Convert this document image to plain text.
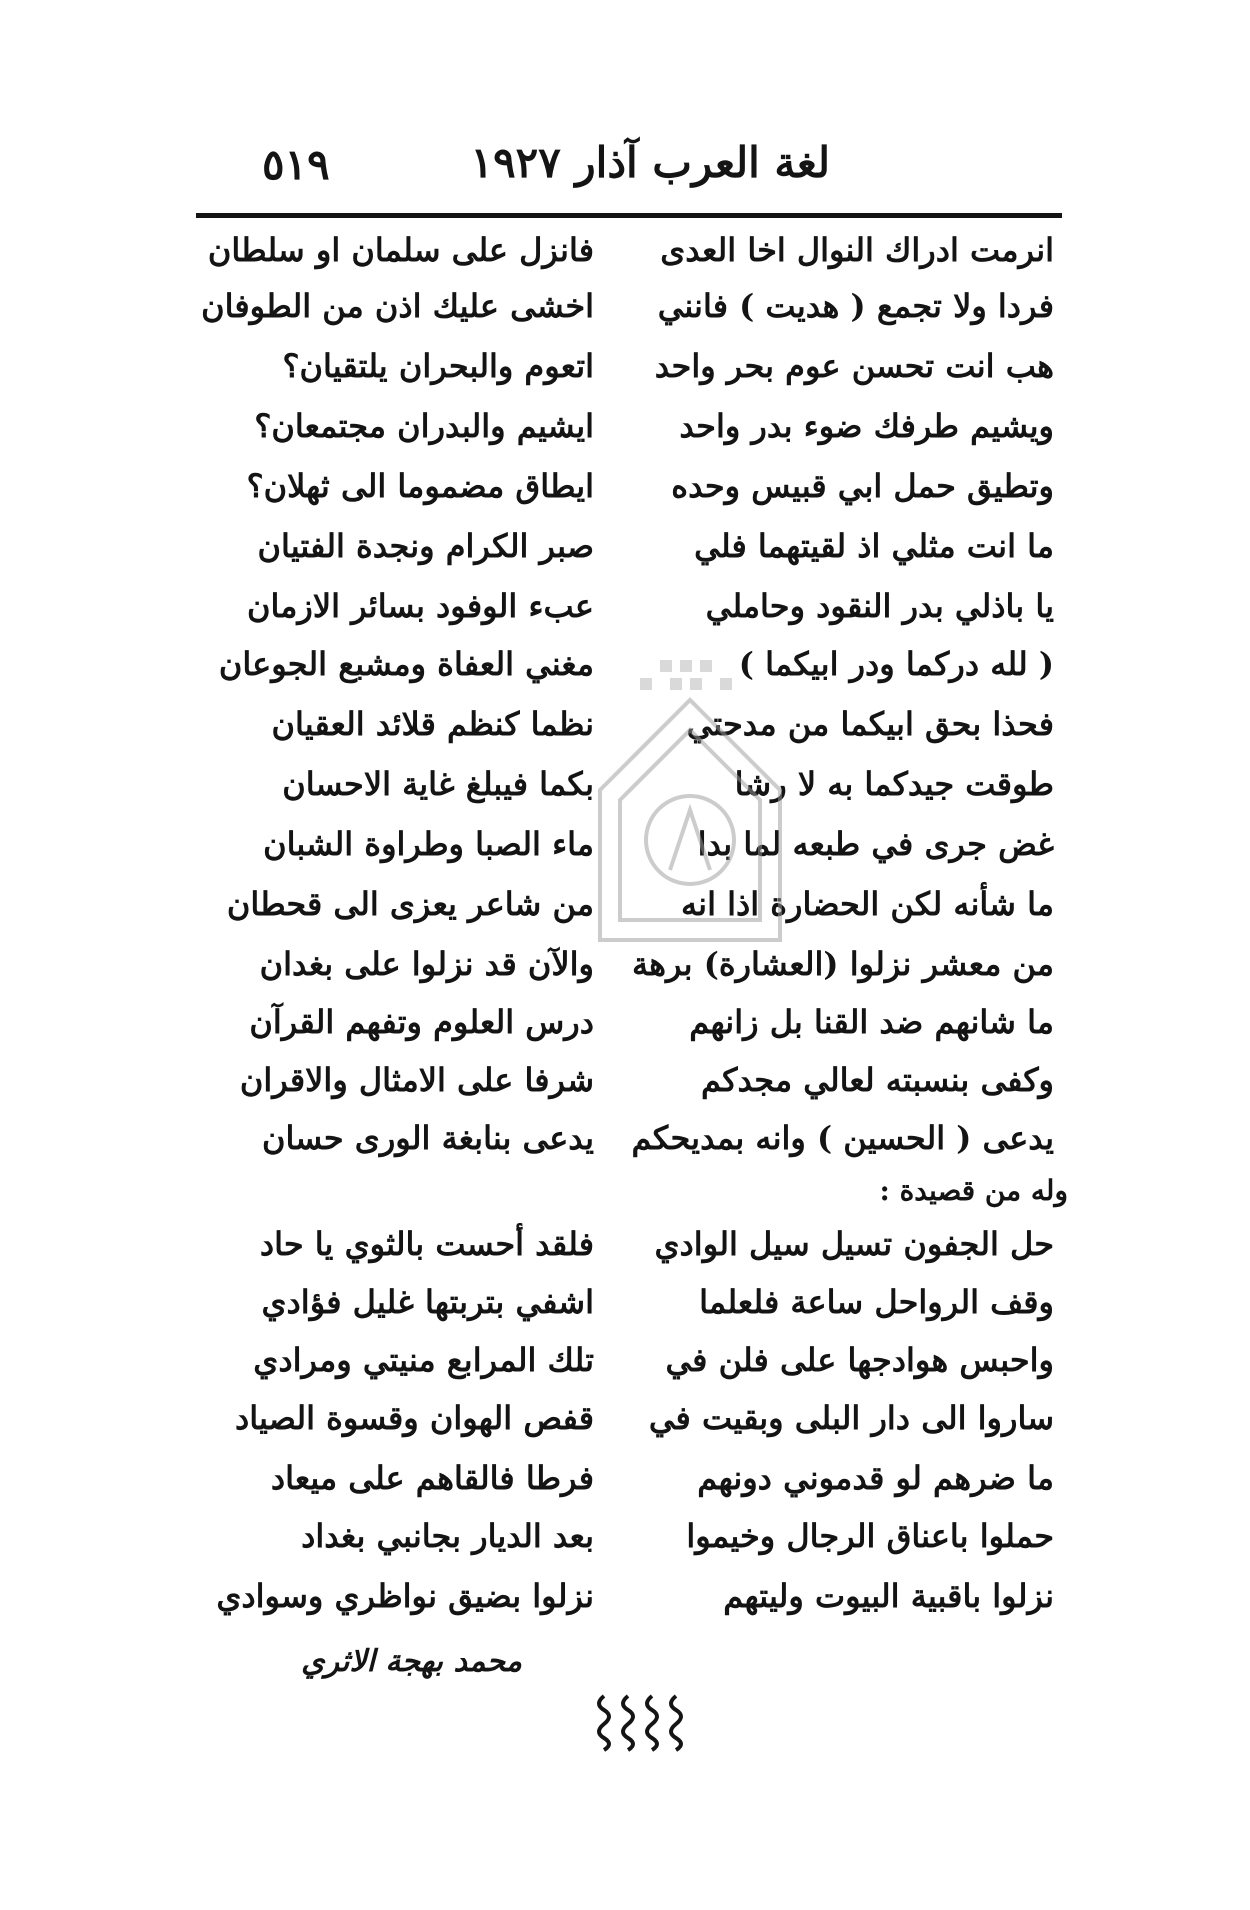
لغة العرب آذار ١٩٢٧
٥١٩
انرمت ادراك النوال اخا العدى
فانزل على سلمان او سلطان
فردا ولا تجمع ( هديت ) فانني
اخشى عليك اذن من الطوفان
هب انت تحسن عوم بحر واحد
اتعوم والبحران يلتقيان؟
ويشيم طرفك ضوء بدر واحد
ايشيم والبدران مجتمعان؟
وتطيق حمل ابي قبيس وحده
ايطاق مضموما الى ثهلان؟
ما انت مثلي اذ لقيتهما فلي
صبر الكرام ونجدة الفتيان
يا باذلي بدر النقود وحاملي
عبء الوفود بسائر الازمان
( لله دركما ودر ابيكما )
مغني العفاة ومشبع الجوعان
فحذا بحق ابيكما من مدحتي
نظما كنظم قلائد العقيان
طوقت جيدكما به لا رشا
بكما فيبلغ غاية الاحسان
غض جرى في طبعه لما بدا
ماء الصبا وطراوة الشبان
ما شأنه لكن الحضارة اذا انه
من شاعر يعزى الى قحطان
من معشر نزلوا (العشارة) برهة
والآن قد نزلوا على بغدان
ما شانهم ضد القنا بل زانهم
درس العلوم وتفهم القرآن
وكفى بنسبته لعالي مجدكم
شرفا على الامثال والاقران
يدعى ( الحسين ) وانه بمديحكم
يدعى بنابغة الورى حسان
وله من قصيدة :
حل الجفون تسيل سيل الوادي
فلقد أحست بالثوي يا حاد
وقف الرواحل ساعة فلعلما
اشفي بتربتها غليل فؤادي
واحبس هوادجها على فلن في
تلك المرابع منيتي ومرادي
ساروا الى دار البلى وبقيت في
قفص الهوان وقسوة الصياد
ما ضرهم لو قدموني دونهم
فرطا فالقاهم على ميعاد
حملوا باعناق الرجال وخيموا
بعد الديار بجانبي بغداد
نزلوا باقبية البيوت وليتهم
نزلوا بضيق نواظري وسوادي
محمد بهجة الاثري
